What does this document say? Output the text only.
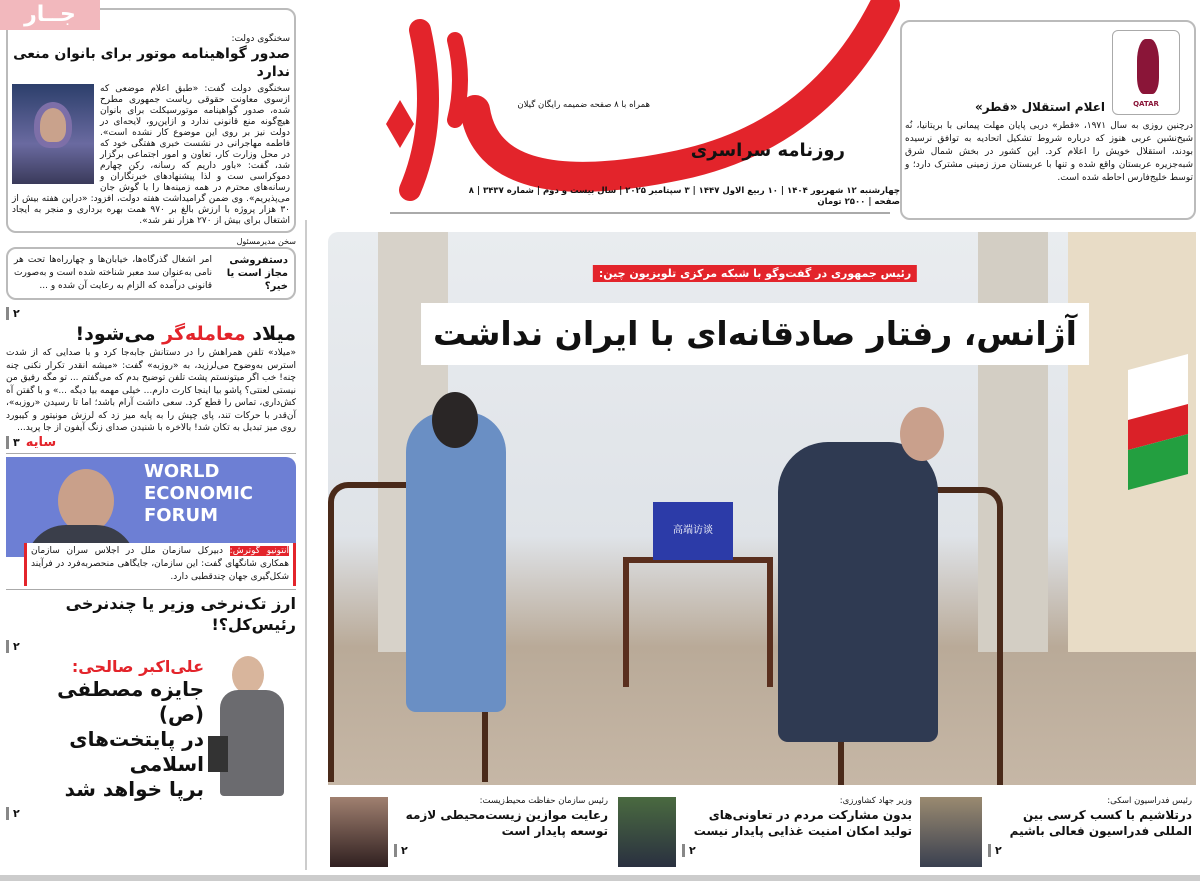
سخنگوی دولت:
صدور گواهینامه موتور برای بانوان منعی ندارد
سخنگوی دولت گفت: «طبق اعلام موضعی که ازسوی معاونت حقوقی ریاست جمهوری مطرح شده، صدور گواهینامه موتورسیکلت برای بانوان هیچ‌گونه منع قانونی ندارد و ازاین‌رو، لایحه‌ای در دولت نیز بر روی این موضوع کار نشده است». فاطمه مهاجرانی در نشست خبری هفتگی خود که در محل وزارت کار، تعاون و امور اجتماعی برگزار شد، گفت: «باور داریم که رسانه، رکن چهارم دموکراسی ست و لذا پیشنهادهای خبرنگاران و رسانه‌های محترم در همه زمینه‌ها را با گوش جان می‌پذیریم». وی ضمن گرامیداشت هفته دولت، افزود: «دراین هفته بیش از ۳۰ هزار پروژه با ارزش بالغ بر ۹۷۰ همت بهره برداری و منجر به ایجاد اشتغال برای بیش از ۲۷۰ هزار نفر شد».
سخن مدیرمسئول
دستفروشی مجاز است یا خیر؟
امر اشغال گذرگاه‌ها، خیابان‌ها و چهارراه‌ها تحت هر نامی به‌عنوان سد معبر شناخته شده است و به‌صورت قانونی درآمده که الزام به رعایت آن شده و ...
۲
میلاد معامله‌گر می‌شود!
«میلاد» تلفن همراهش را در دستانش جابه‌جا کرد و با صدایی که از شدت استرس به‌وضوح می‌لرزید، به «روزبه» گفت: «میشه انقدر تکرار نکنی چنه چنه! خب اگر میتونستم پشت تلفن توضیح بدم که می‌گفتم ... تو مگه رفیق من نیستی لعنتی؟ پاشو بیا اینجا کارت دارم... خیلی مهمه بیا دیگه ...» و با گفتن آه کش‌داری، تماس را قطع کرد. سعی داشت آرام باشد؛ اما تا رسیدن «روزبه»، آن‌قدر با حرکات تند، پای چپش را به پایه میز زد که لرزش مونیتور و کیبورد روی میز تبدیل به تکان شد! بالاخره با شنیدن صدای زنگ آیفون از جا پرید...
۳ سایه
WORLD ECONOMIC FORUM
آنتونیو گوترش: دبیرکل سازمان ملل در اجلاس سران سازمان همکاری شانگهای گفت: این سازمان، جایگاهی منحصربه‌فرد در فرآیند شکل‌گیری جهان چندقطبی دارد.
ارز تک‌نرخی وزیر یا چندنرخی رئیس‌کل؟!
۲
علی‌اکبر صالحی:
جایزه مصطفی (ص)
در پایتخت‌های اسلامی
برپا خواهد شد
۲
جــار
همراه با ۸ صفحه ضمیمه رایگان گیلان
روزنامه سراسری
چهارشنبه ۱۲ شهریور ۱۴۰۴ | ۱۰ ربیع الاول ۱۴۴۷ | ۳ سپتامبر ۲۰۲۵ | سال بیست و دوم | شماره ۳۴۳۷ | ۸ صفحه | ۲۵۰۰ تومان
QATAR
اعلام استقلال «قطر»
درچنین روزی به سال ۱۹۷۱، «قطر» دربی پایان مهلت پیمانی با بریتانیا، نُه شیخ‌نشین عربی هنوز که درباره شروط تشکیل اتحادیه به توافق نرسیده بودند، استقلال خویش را اعلام کرد. این کشور در بخش شمال شرق شبه‌جزیره عربستان واقع شده و تنها با عربستان مرز زمینی مشترک دارد؛ و توسط خلیج‌فارس احاطه شده است.
高端访谈
رئیس جمهوری در گفت‌وگو با شبکه مرکزی تلویزیون چین:
آژانس، رفتار صادقانه‌ای با ایران نداشت
رئیس فدراسیون اسکی:
درتلاشیم با کسب کرسی بین المللی فدراسیون فعالی باشیم
۲
وزیر جهاد کشاورزی:
بدون مشارکت مردم در تعاونی‌های تولید امکان امنیت غذایی پایدار نیست
۲
رئیس سازمان حفاظت محیط‌زیست:
رعایت موازین زیست‌محیطی لازمه توسعه پایدار است
۲
